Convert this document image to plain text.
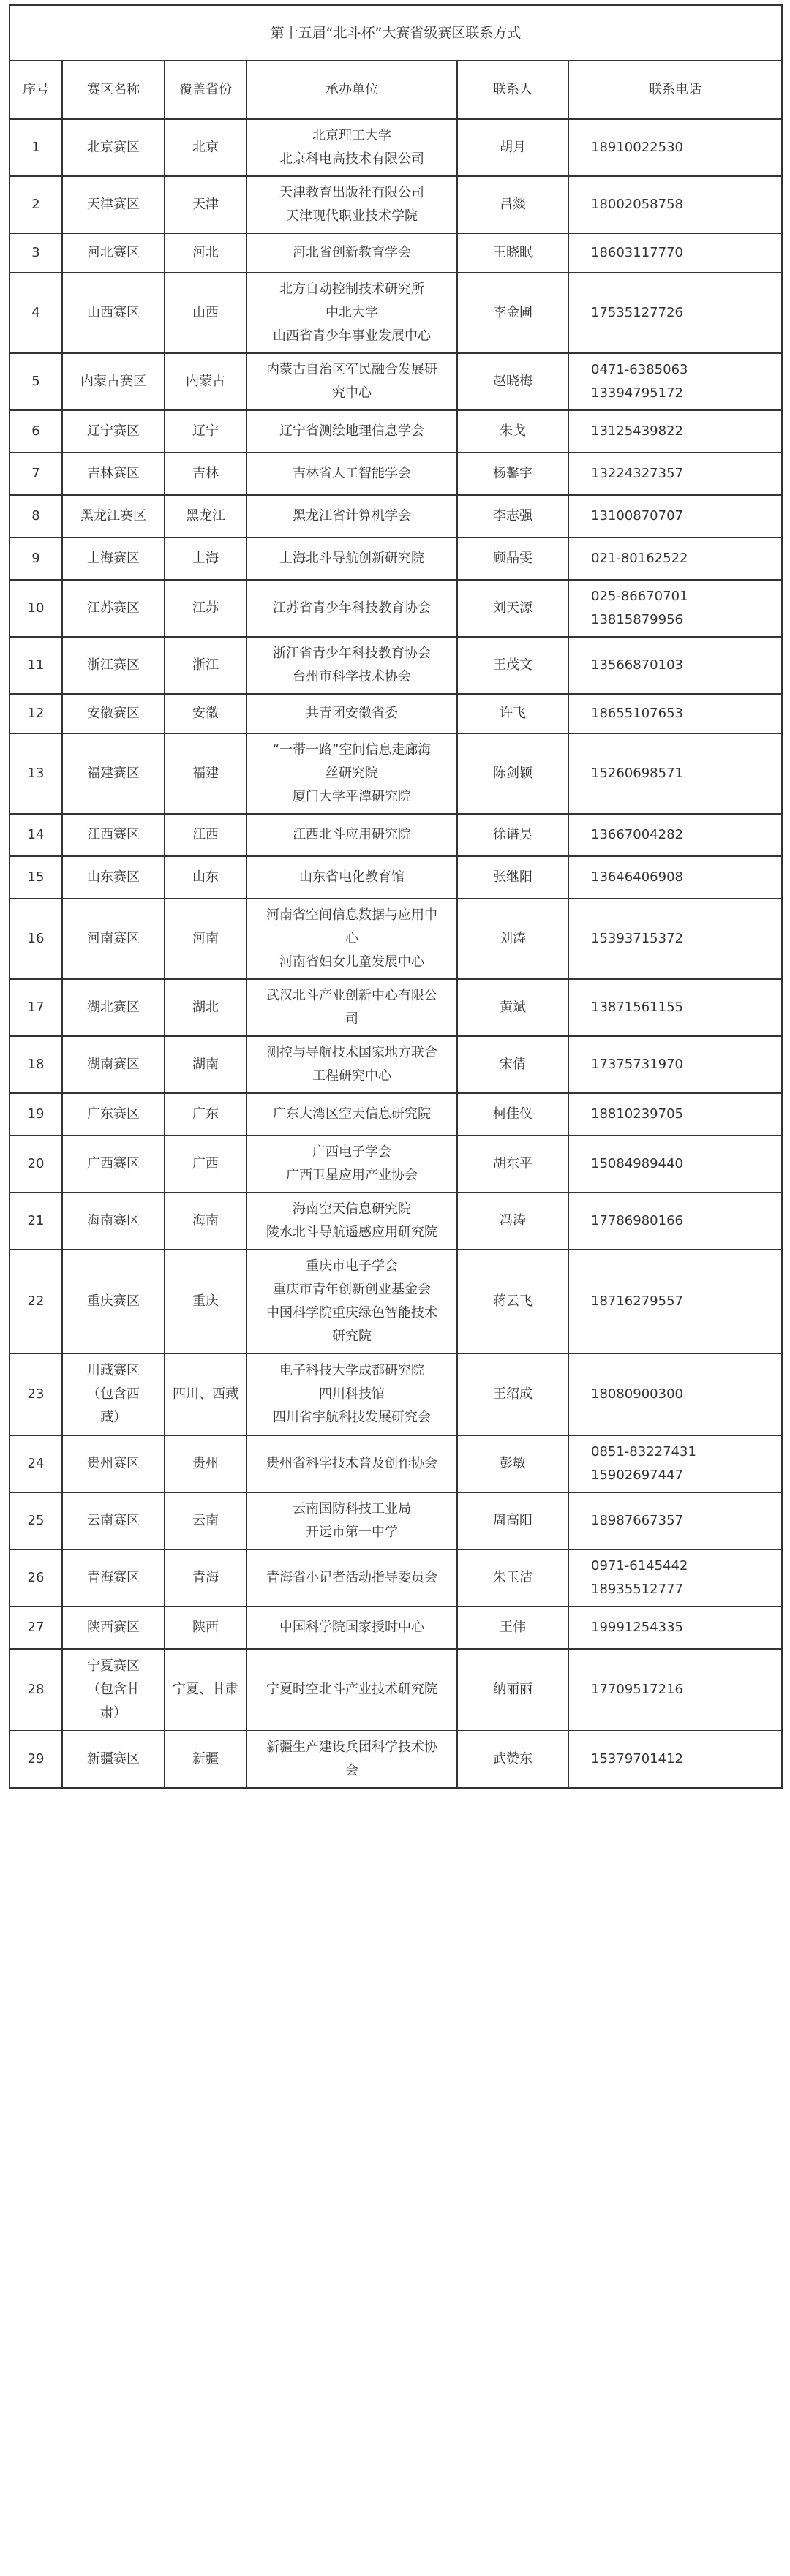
第十五届“北斗杯”大赛省级赛区联系方式					
序号	赛区名称	覆盖省份	承办单位	联系人	联系电话
1	北京赛区	北京	北京理工大学
北京科电高技术有限公司	胡月	18910022530

2	天津赛区	天津	天津教育出版社有限公司
天津现代职业技术学院	吕燚	18002058758

3	河北赛区	河北	河北省创新教育学会	王晓眠	18603117770

4	山西赛区	山西	北方自动控制技术研究所
中北大学
山西省青少年事业发展中心	李金圃	17535127726

5	内蒙古赛区	内蒙古	内蒙古自治区军民融合发展研
究中心	赵晓梅	0471-6385063
13394795172

6	辽宁赛区	辽宁	辽宁省测绘地理信息学会	朱戈	13125439822

7	吉林赛区	吉林	吉林省人工智能学会	杨馨宇	13224327357

8	黑龙江赛区	黑龙江	黑龙江省计算机学会	李志强	13100870707

9	上海赛区	上海	上海北斗导航创新研究院	顾晶雯	021-80162522

10	江苏赛区	江苏	江苏省青少年科技教育协会	刘天源	025-86670701
13815879956

11	浙江赛区	浙江	浙江省青少年科技教育协会
台州市科学技术协会	王茂文	13566870103

12	安徽赛区	安徽	共青团安徽省委	许飞	18655107653

13	福建赛区	福建	“一带一路”空间信息走廊海
丝研究院
厦门大学平潭研究院	陈剑颖	15260698571

14	江西赛区	江西	江西北斗应用研究院	徐谱昊	13667004282

15	山东赛区	山东	山东省电化教育馆	张继阳	13646406908

16	河南赛区	河南	河南省空间信息数据与应用中
心
河南省妇女儿童发展中心	刘涛	15393715372

17	湖北赛区	湖北	武汉北斗产业创新中心有限公
司	黄斌	13871561155

18	湖南赛区	湖南	测控与导航技术国家地方联合
工程研究中心	宋倩	17375731970

19	广东赛区	广东	广东大湾区空天信息研究院	柯佳仪	18810239705

20	广西赛区	广西	广西电子学会
广西卫星应用产业协会	胡东平	15084989440

21	海南赛区	海南	海南空天信息研究院
陵水北斗导航遥感应用研究院	冯涛	17786980166

22	重庆赛区	重庆	重庆市电子学会
重庆市青年创新创业基金会
中国科学院重庆绿色智能技术
研究院	蒋云飞	18716279557

23	川藏赛区
（包含西
藏）	四川、西藏	电子科技大学成都研究院
四川科技馆
四川省宇航科技发展研究会	王绍成	18080900300

24	贵州赛区	贵州	贵州省科学技术普及创作协会	彭敏	0851-83227431
15902697447

25	云南赛区	云南	云南国防科技工业局
开远市第一中学	周高阳	18987667357

26	青海赛区	青海	青海省小记者活动指导委员会	朱玉洁	0971-6145442
18935512777

27	陕西赛区	陕西	中国科学院国家授时中心	王伟	19991254335

28	宁夏赛区
（包含甘
肃）	宁夏、甘肃	宁夏时空北斗产业技术研究院	纳丽丽	17709517216

29	新疆赛区	新疆	新疆生产建设兵团科学技术协
会	武赞东	15379701412
